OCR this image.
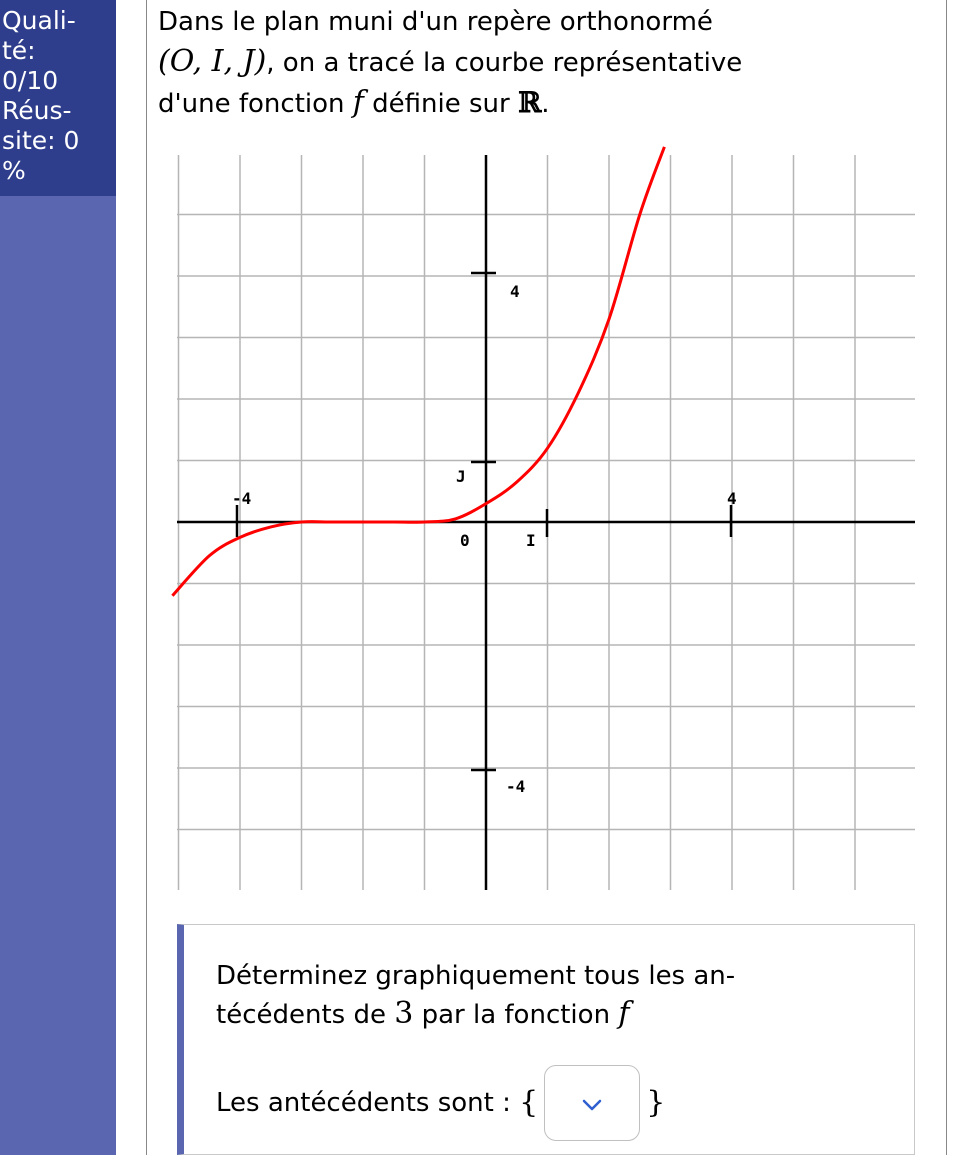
Quali-
té:
0/10
Réus-
site: 0
%
Dans le plan muni d'un repère orthonormé
(O, I, J), on a tracé la courbe représentative
d'une fonction f définie sur ℝ.
4
-4
-4	4
0	I
J
Déterminez graphiquement tous les an-
técédents de 3 par la fonction f
Les antécédents sont : {	}
